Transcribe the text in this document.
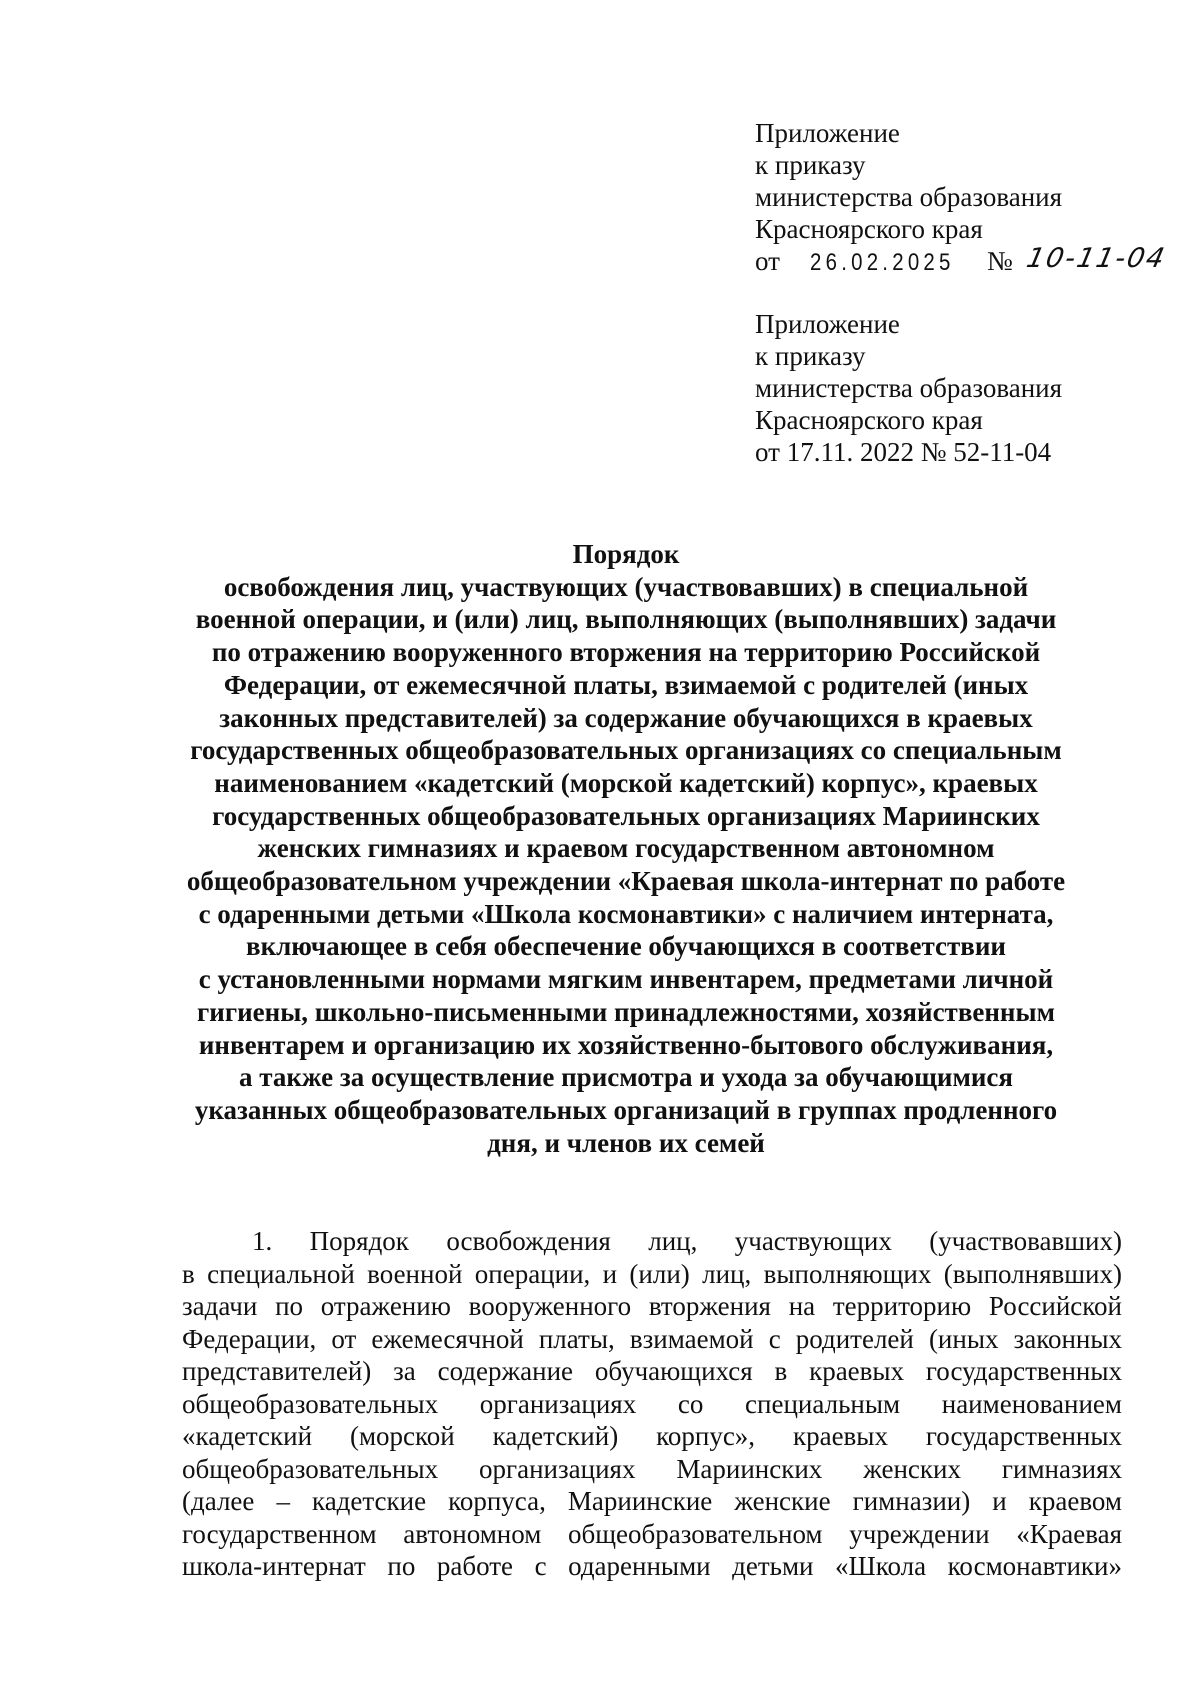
Приложение
к приказу
министерства образования
Красноярского края
от 26.02.2025 № 10-11-04
Приложение
к приказу
министерства образования
Красноярского края
от 17.11. 2022 № 52-11-04
Порядок
освобождения лиц, участвующих (участвовавших) в специальной
военной операции, и (или) лиц, выполняющих (выполнявших) задачи
по отражению вооруженного вторжения на территорию Российской
Федерации, от ежемесячной платы, взимаемой с родителей (иных
законных представителей) за содержание обучающихся в краевых
государственных общеобразовательных организациях со специальным
наименованием «кадетский (морской кадетский) корпус», краевых
государственных общеобразовательных организациях Мариинских
женских гимназиях и краевом государственном автономном
общеобразовательном учреждении «Краевая школа-интернат по работе
с одаренными детьми «Школа космонавтики» с наличием интерната,
включающее в себя обеспечение обучающихся в соответствии
с установленными нормами мягким инвентарем, предметами личной
гигиены, школьно-письменными принадлежностями, хозяйственным
инвентарем и организацию их хозяйственно-бытового обслуживания,
а также за осуществление присмотра и ухода за обучающимися
указанных общеобразовательных организаций в группах продленного
дня, и членов их семей
1. Порядок освобождения лиц, участвующих (участвовавших)
в специальной военной операции, и (или) лиц, выполняющих (выполнявших)
задачи по отражению вооруженного вторжения на территорию Российской
Федерации, от ежемесячной платы, взимаемой с родителей (иных законных
представителей) за содержание обучающихся в краевых государственных
общеобразовательных организациях со специальным наименованием
«кадетский (морской кадетский) корпус», краевых государственных
общеобразовательных организациях Мариинских женских гимназиях
(далее – кадетские корпуса, Мариинские женские гимназии) и краевом
государственном автономном общеобразовательном учреждении «Краевая
школа-интернат по работе с одаренными детьми «Школа космонавтики»
